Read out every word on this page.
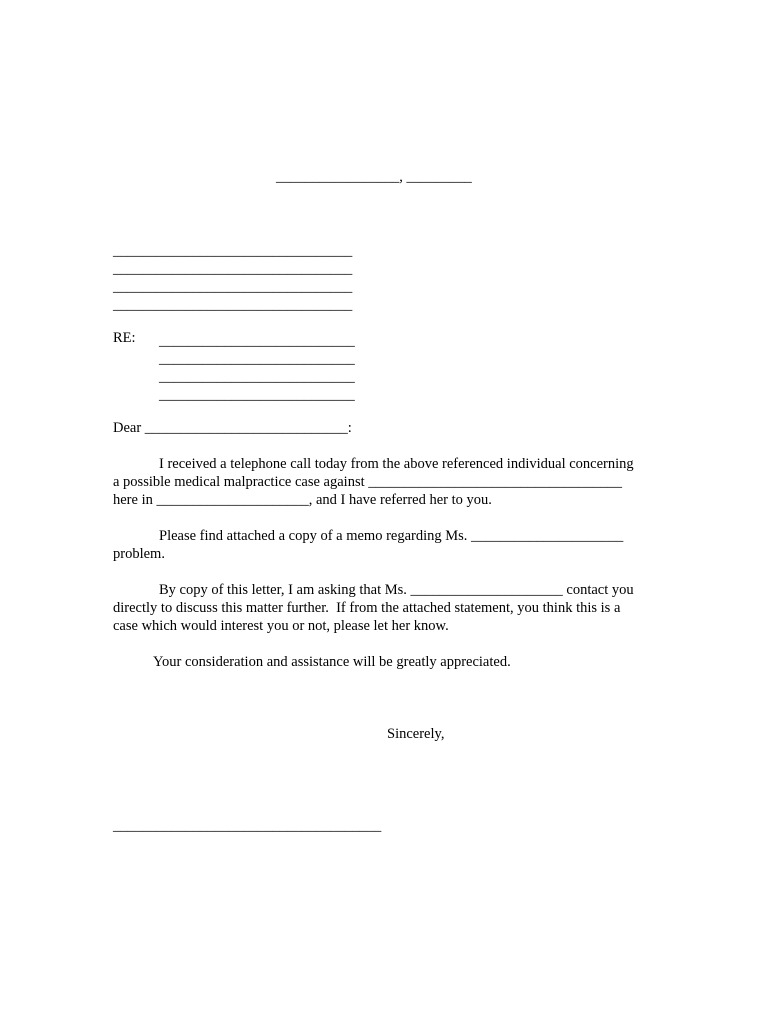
_________________, _________
_________________________________
_________________________________
_________________________________
_________________________________
RE: ___________________________
___________________________
___________________________
___________________________
Dear ____________________________:
I received a telephone call today from the above referenced individual concerning
a possible medical malpractice case against ___________________________________
here in _____________________, and I have referred her to you.
Please find attached a copy of a memo regarding Ms. _____________________
problem.
By copy of this letter, I am asking that Ms. _____________________ contact you
directly to discuss this matter further.  If from the attached statement, you think this is a
case which would interest you or not, please let her know.
Your consideration and assistance will be greatly appreciated.
Sincerely,
_____________________________________
